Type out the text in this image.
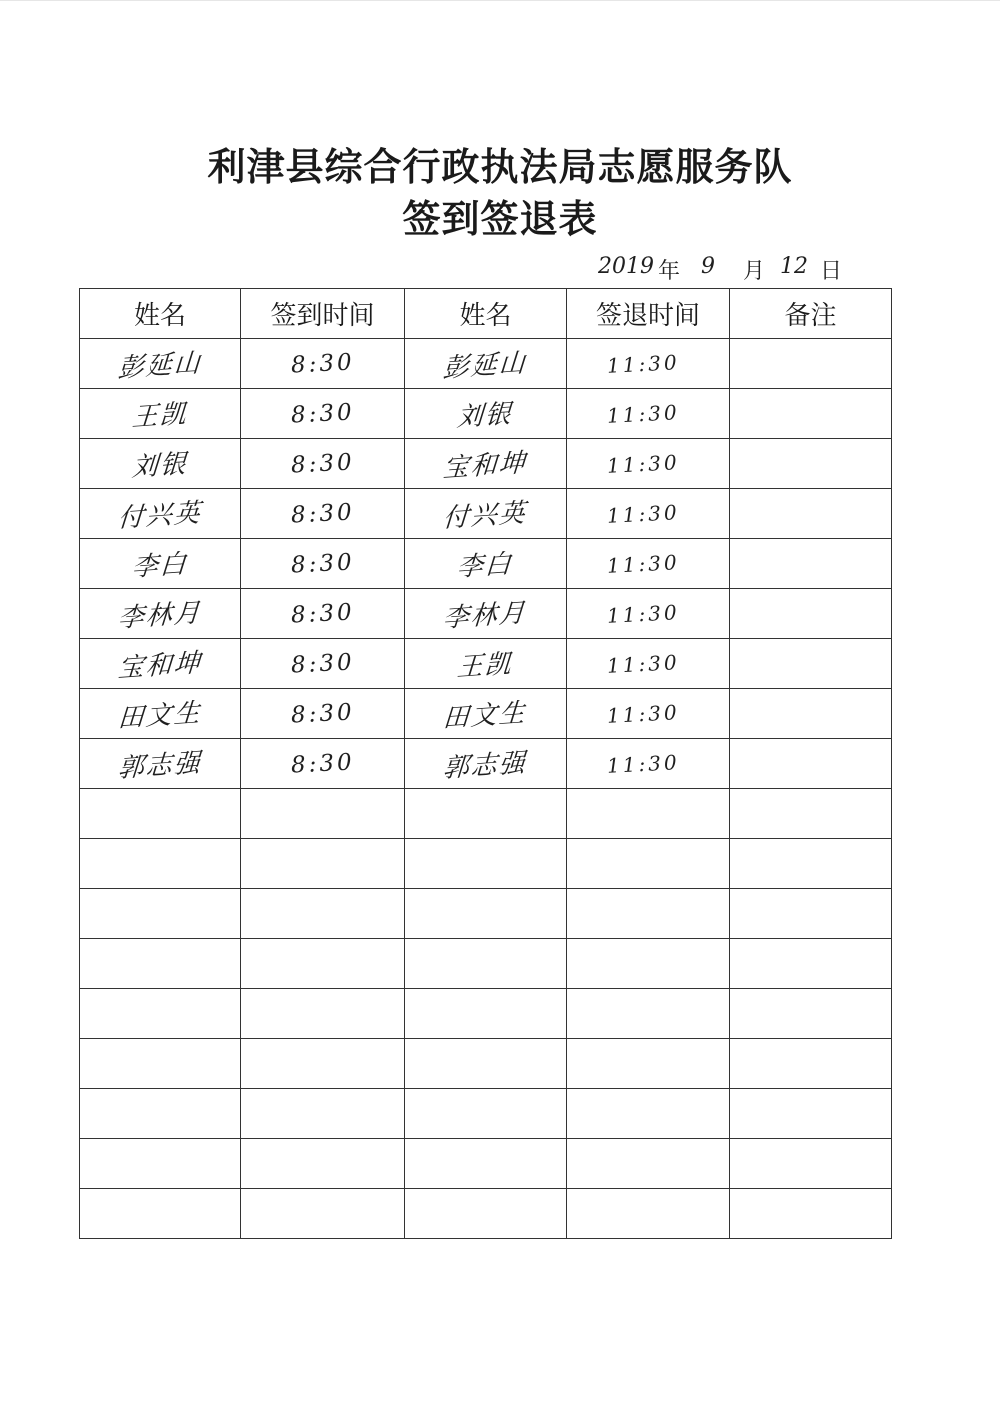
利津县综合行政执法局志愿服务队
签到签退表
2019 年 9 月 12 日
姓名	签到时间	姓名	签退时间	备注
彭延山	8:30	彭延山	11:30	
王凯	8:30	刘银	11:30	
刘银	8:30	宝和坤	11:30	
付兴英	8:30	付兴英	11:30	
李白	8:30	李白	11:30	
李林月	8:30	李林月	11:30	
宝和坤	8:30	王凯	11:30	
田文生	8:30	田文生	11:30	
郭志强	8:30	郭志强	11:30	
